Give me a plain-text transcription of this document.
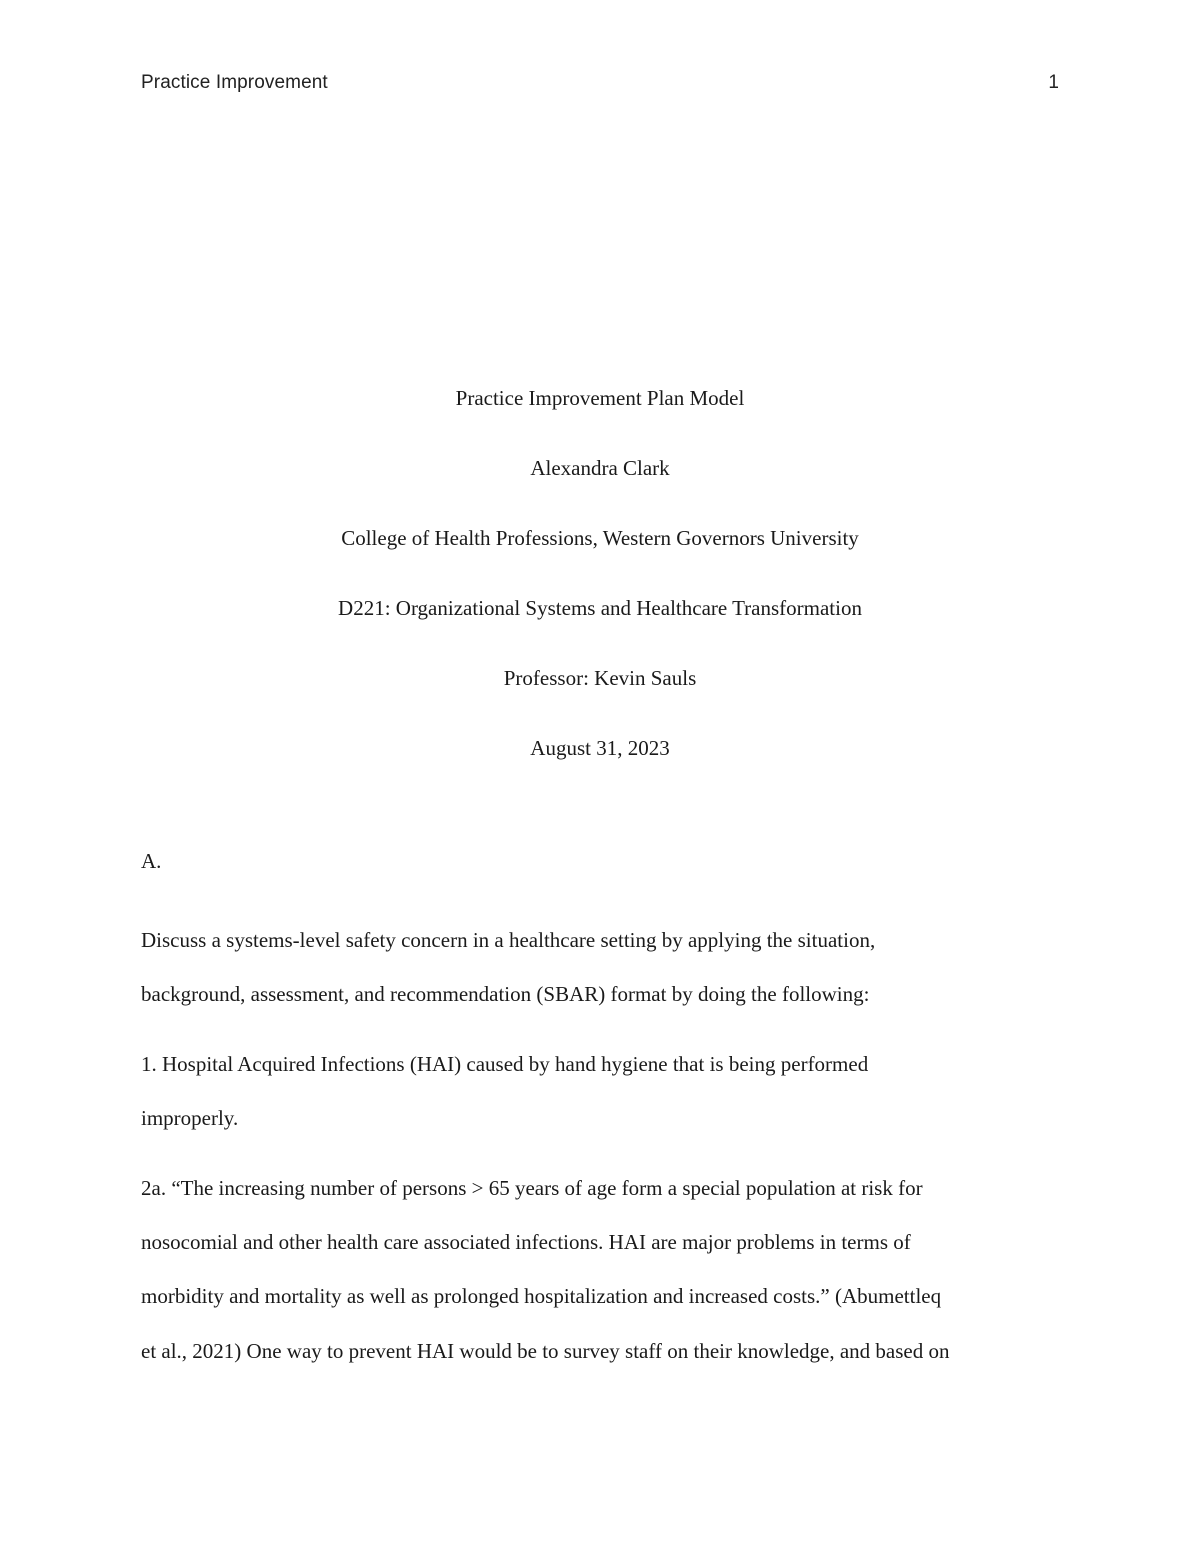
Practice Improvement	1
Practice Improvement Plan Model
Alexandra Clark
College of Health Professions, Western Governors University
D221: Organizational Systems and Healthcare Transformation
Professor: Kevin Sauls
August 31, 2023
A.
Discuss a systems-level safety concern in a healthcare setting by applying the situation,
background, assessment, and recommendation (SBAR) format by doing the following:
1. Hospital Acquired Infections (HAI) caused by hand hygiene that is being performed
improperly.
2a. “The increasing number of persons > 65 years of age form a special population at risk for
nosocomial and other health care associated infections. HAI are major problems in terms of
morbidity and mortality as well as prolonged hospitalization and increased costs.” (Abumettleq
et al., 2021) One way to prevent HAI would be to survey staff on their knowledge, and based on
